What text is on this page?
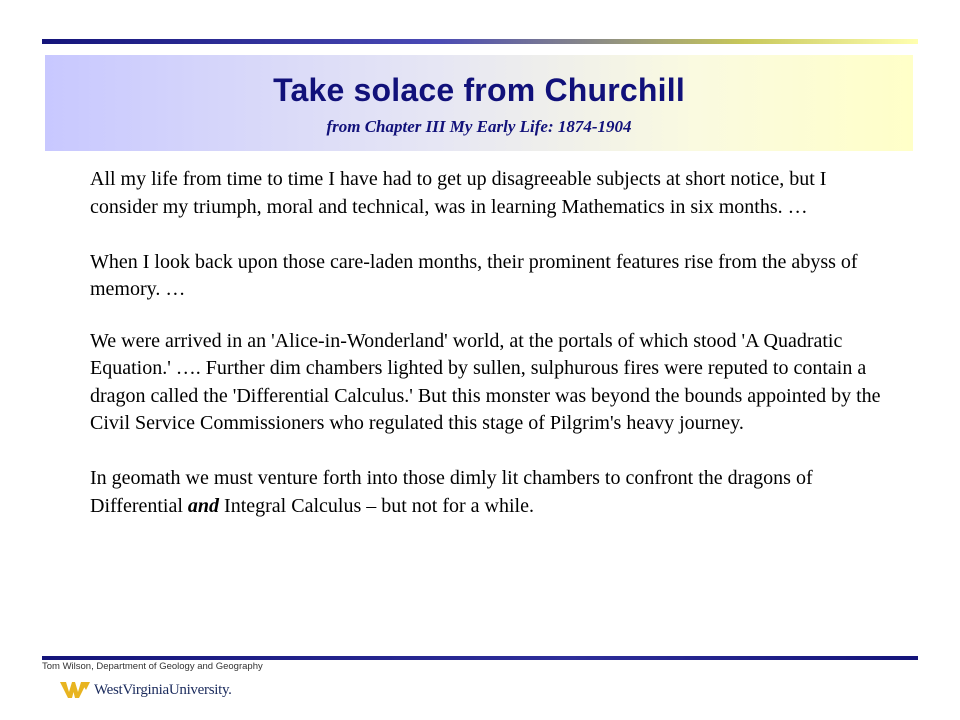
Take solace from Churchill
from Chapter III My Early Life: 1874-1904

All my life from time to time I have had to get up disagreeable subjects at short notice, but I consider my triumph, moral and technical, was in learning Mathematics in six months. …

When I look back upon those care-laden months, their prominent features rise from the abyss of memory. …

We were arrived in an 'Alice-in-Wonderland' world, at the portals of which stood 'A Quadratic Equation.' …. Further dim chambers lighted by sullen, sulphurous fires were reputed to contain a dragon called the 'Differential Calculus.' But this monster was beyond the bounds appointed by the Civil Service Commissioners who regulated this stage of Pilgrim's heavy journey.

In geomath we must venture forth into those dimly lit chambers to confront the dragons of Differential and Integral Calculus – but not for a while.

Tom Wilson, Department of Geology and Geography
WestVirginiaUniversity.
